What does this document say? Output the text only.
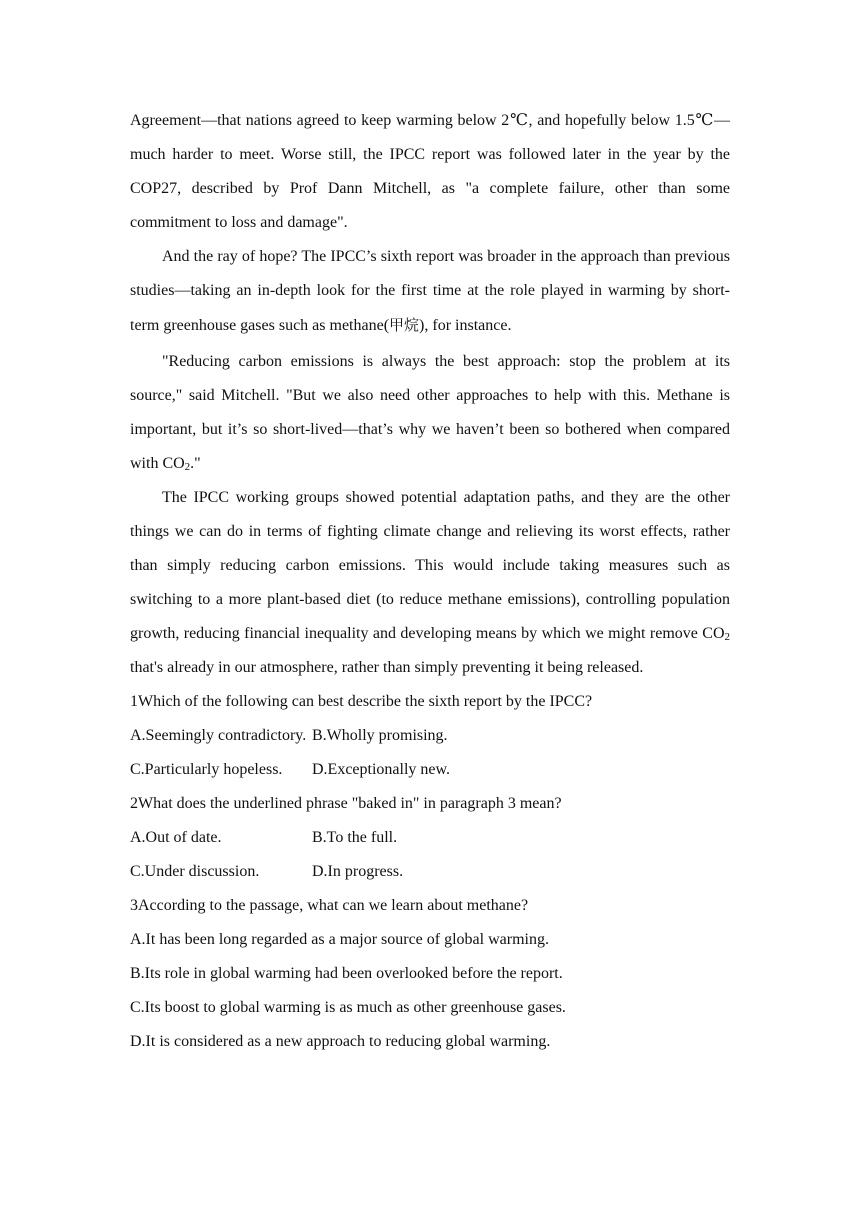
Agreement—that nations agreed to keep warming below 2℃, and hopefully below 1.5℃—much harder to meet. Worse still, the IPCC report was followed later in the year by the COP27, described by Prof Dann Mitchell, as "a complete failure, other than some commitment to loss and damage".

And the ray of hope? The IPCC’s sixth report was broader in the approach than previous studies—taking an in-depth look for the first time at the role played in warming by short-term greenhouse gases such as methane(甲烷), for instance.

"Reducing carbon emissions is always the best approach: stop the problem at its source," said Mitchell. "But we also need other approaches to help with this. Methane is important, but it’s so short-lived—that’s why we haven’t been so bothered when compared with $CO_2$."

The IPCC working groups showed potential adaptation paths, and they are the other things we can do in terms of fighting climate change and relieving its worst effects, rather than simply reducing carbon emissions. This would include taking measures such as switching to a more plant-based diet (to reduce methane emissions), controlling population growth, reducing financial inequality and developing means by which we might remove $CO_2$ that's already in our atmosphere, rather than simply preventing it being released.

1Which of the following can best describe the sixth report by the IPCC?

A.Seemingly contradictory. B.Wholly promising.

C.Particularly hopeless. D.Exceptionally new.

2What does the underlined phrase "baked in" in paragraph 3 mean?

A.Out of date.	B.To the full.

C.Under discussion.	D.In progress.

3According to the passage, what can we learn about methane?

A.It has been long regarded as a major source of global warming.

B.Its role in global warming had been overlooked before the report.

C.Its boost to global warming is as much as other greenhouse gases.

D.It is considered as a new approach to reducing global warming.
